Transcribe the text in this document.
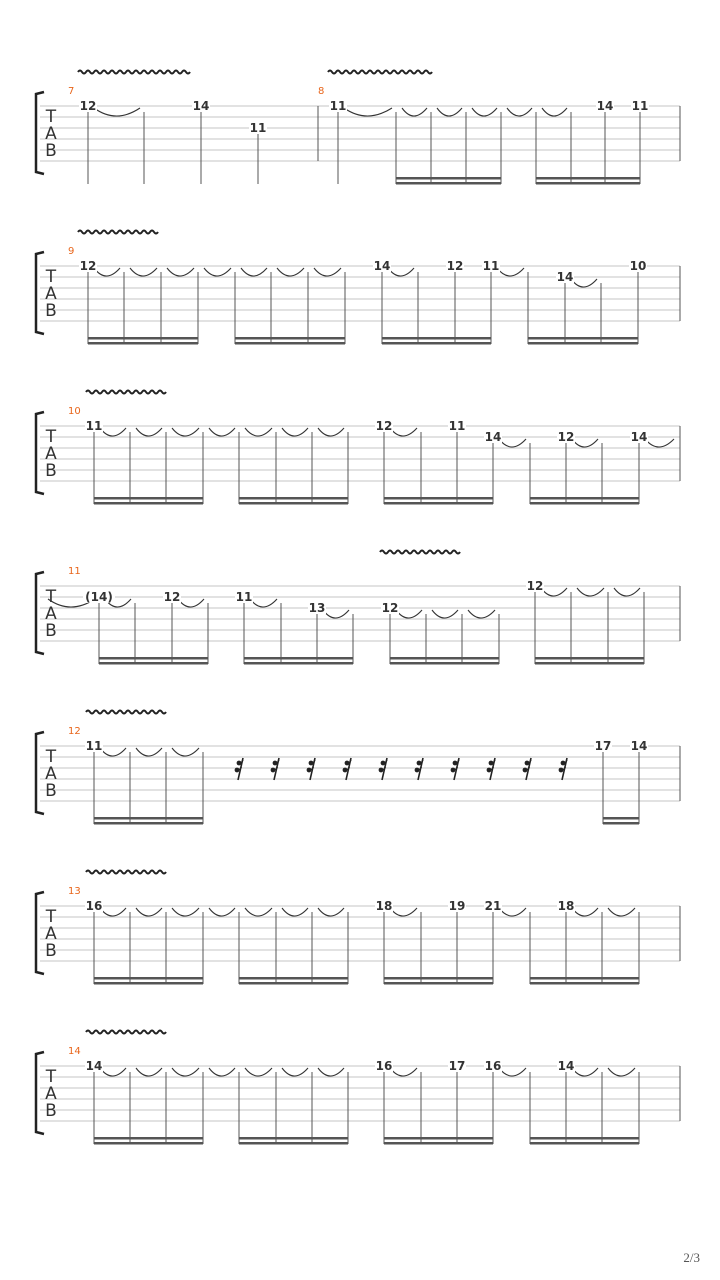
T
A
B
7
12	14
11
8
11	14 11
T
A
B
9
12	14	12 11
14
10
T
A
B
10
11	12	11
14	12	14
T
A
B
11
(14)	12	11
13	12
12
T
A
B
12
11	17 14
T
A
B
13
16	18	19 21	18
T
A
B
14
14	16	17 16	14
2/3
